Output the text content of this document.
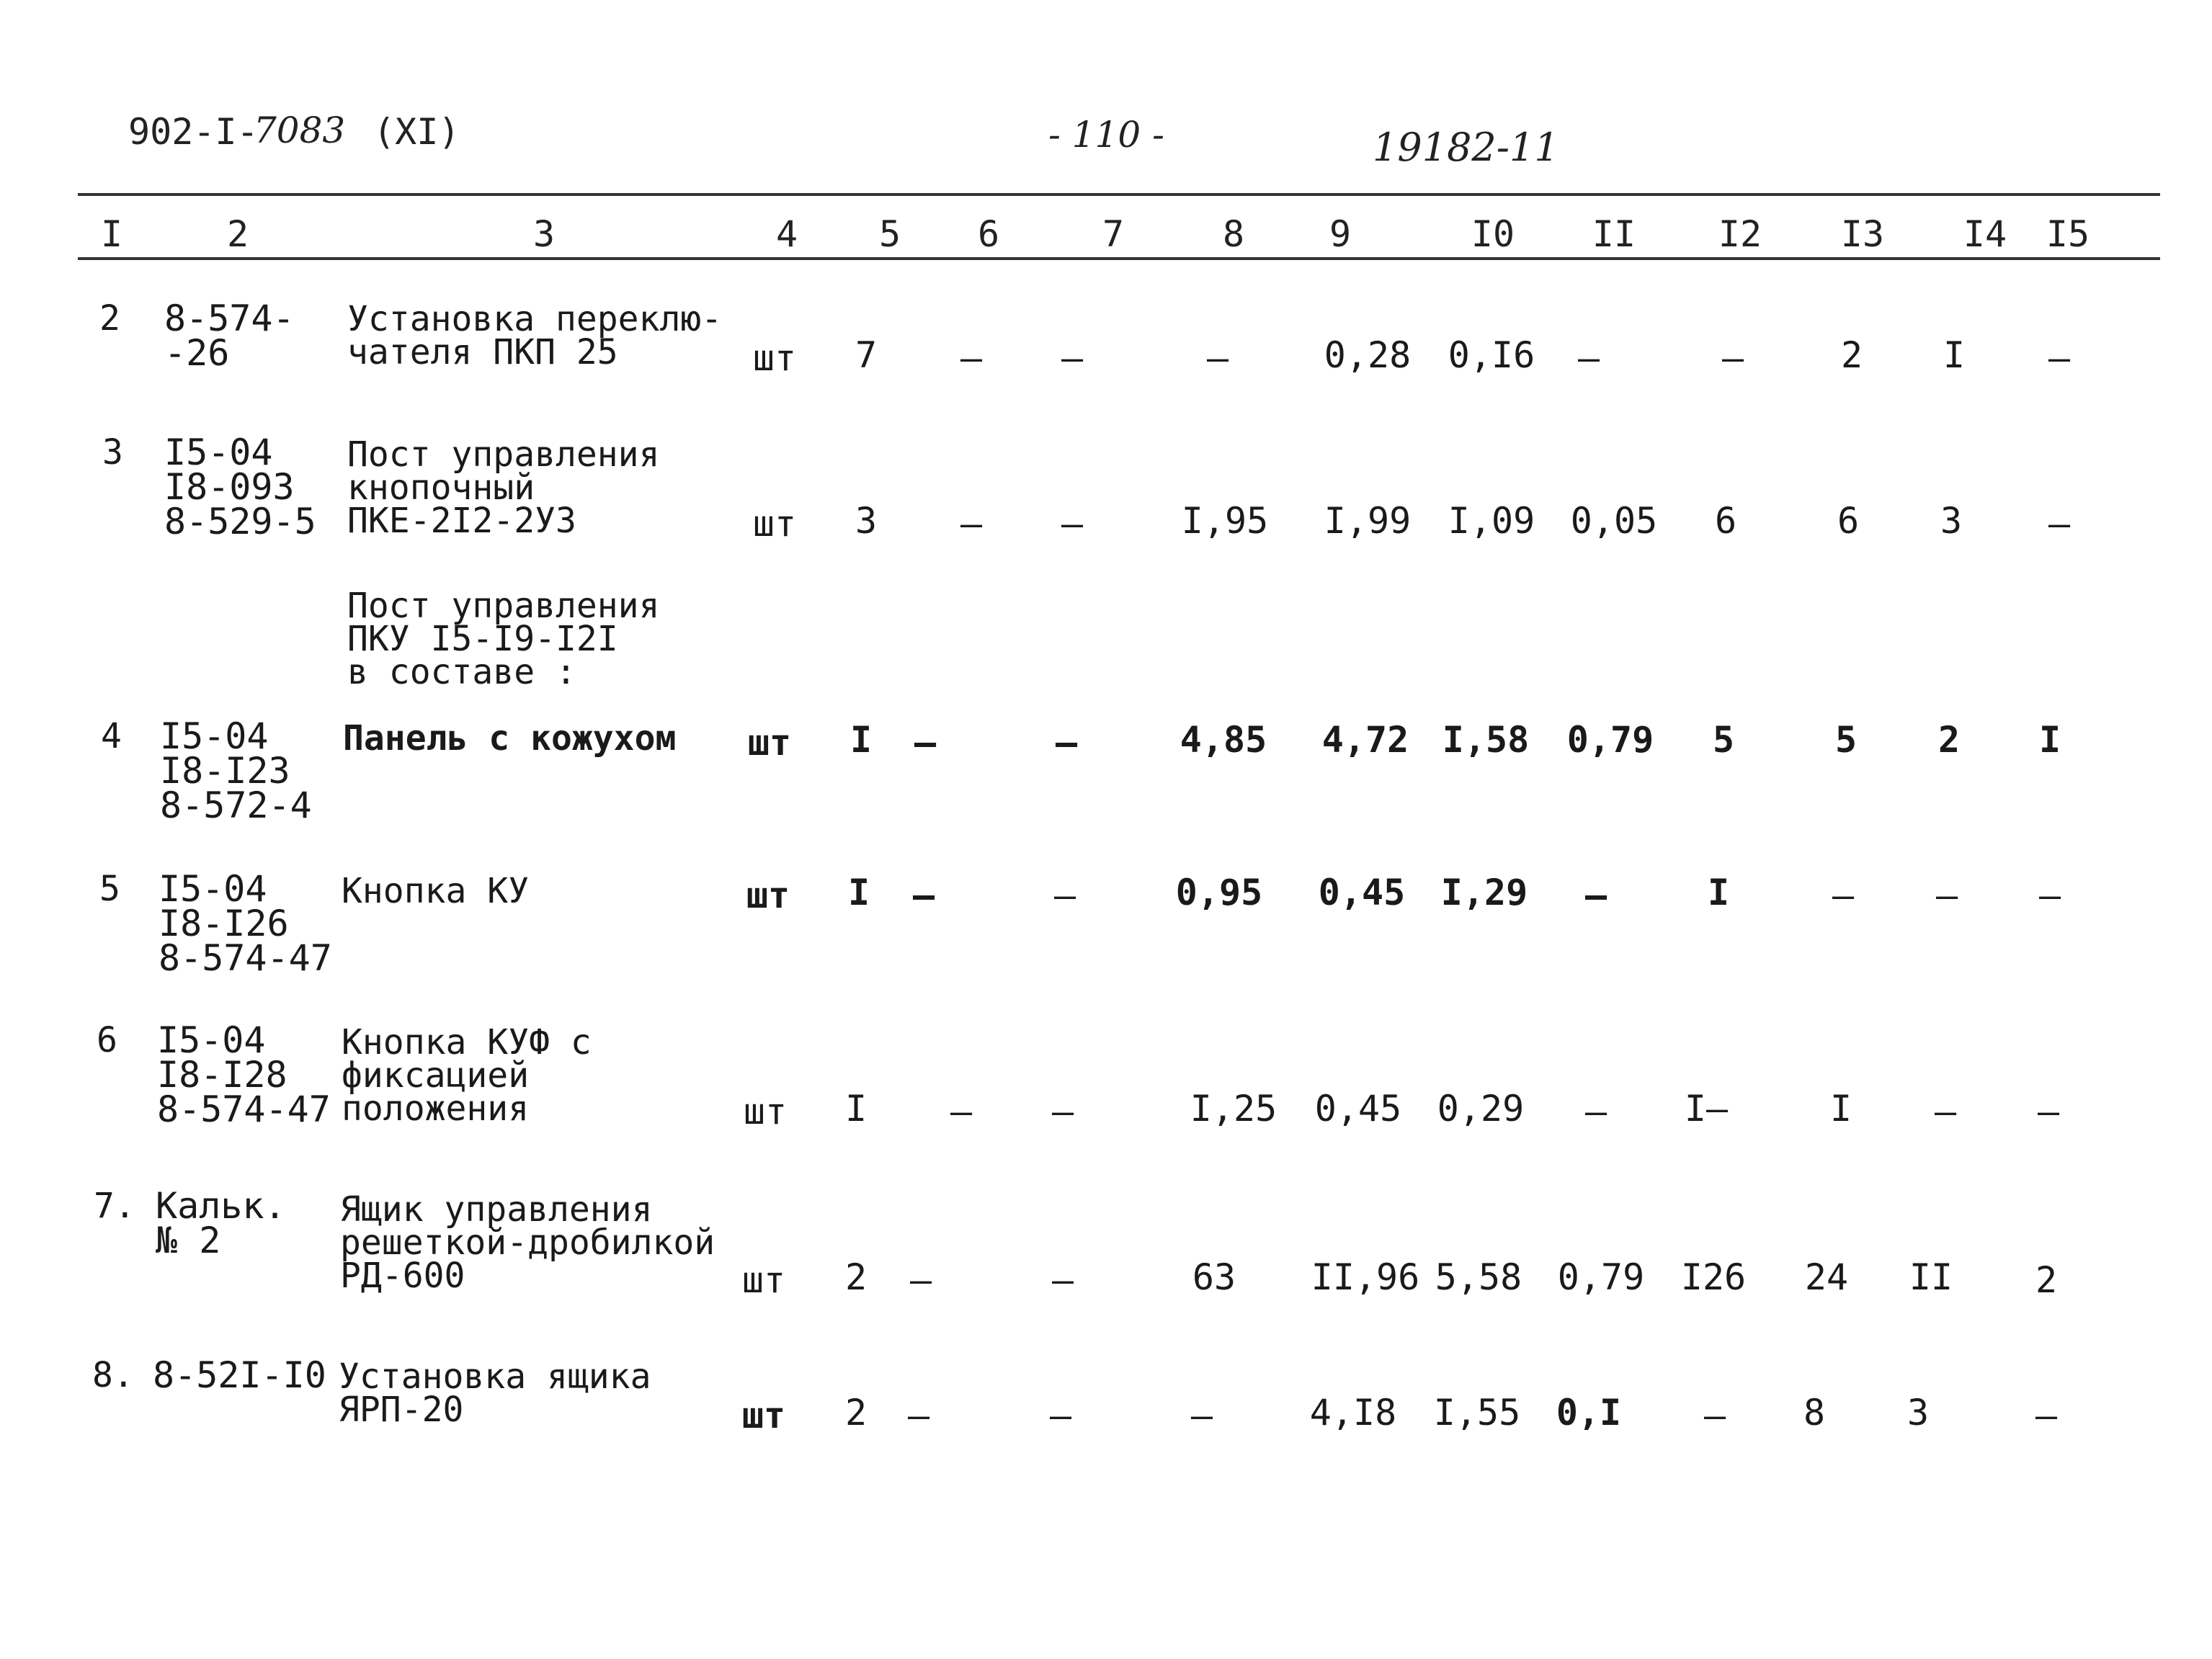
902-I-
7083 (XI)	- 110 -	19182-11
I	2	3	4 5 6	7	8 9	I0 II I2 I3 I4 I5
2 8-574-
-26
Установка переклю-
чателя ПКП 25	шт 7 – –	–	0,28 0,I6 –	–	2 I –
3 I5-04
I8-093
8-529-5
Пост управления
кнопочный
ПКЕ-2I2-2У3	шт 3 – –	I,95 I,99 I,09 0,05 6	6 3 –
Пост управления
ПКУ I5-I9-I2I
в составе :
4 I5-04
I8-I23
8-572-4
Панель с кожухом шт I –	–	4,85 4,72 I,58 0,79 5	5 2 I
5 I5-04
I8-I26
8-574-47
Кнопка КУ	шт I –	–	0,95 0,45 I,29 –	I	– – –
6 I5-04
I8-I28
8-574-47
Кнопка КУФ с
фиксацией
положения	шт I – –	I,25 0,45 0,29 – I–	I – –
7. Кальк.
№ 2
Ящик управления
решеткой-дробилкой
РД-600	шт 2 –	–	63 II,96 5,58 0,79 I26 24 II 2
8. 8-52I-I0 Установка ящика
ЯРП-20	шт 2 –	–	–	4,I8 I,55 0,I – 8 3	–
